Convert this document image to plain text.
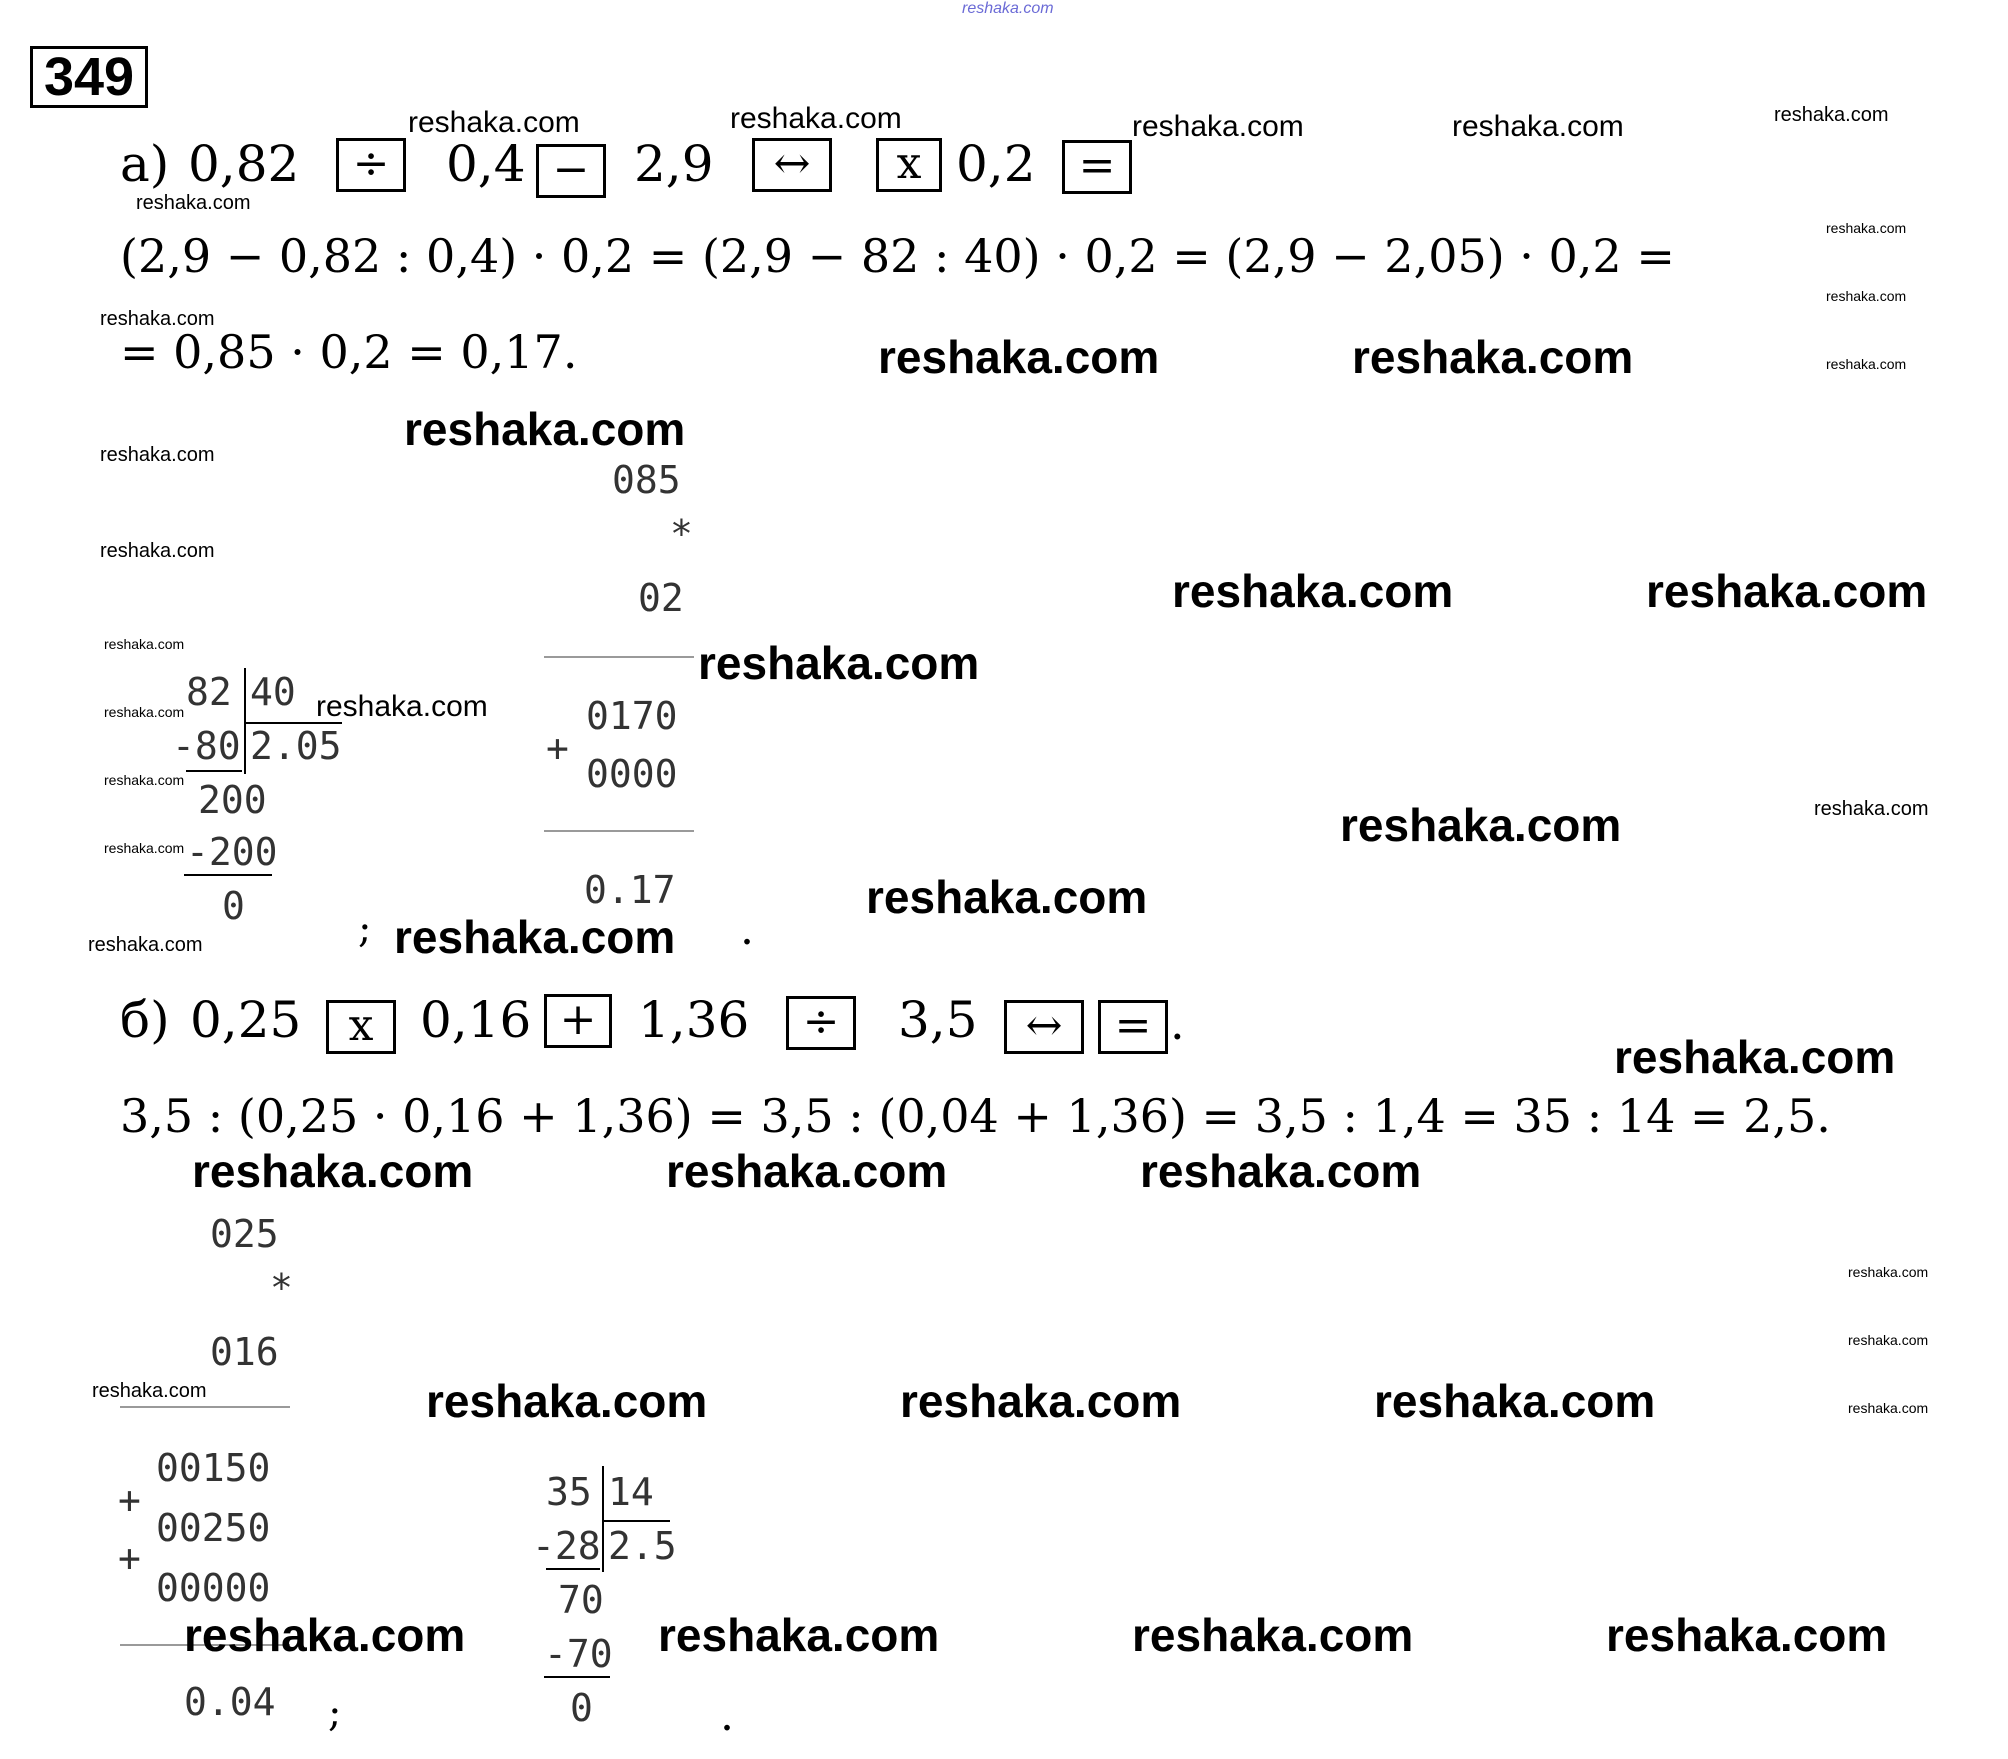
reshaka.com
349
а) 0,82	÷	0,4 − 2,9	↔	x 0,2 =
(2,9 − 0,82 : 0,4) · 0,2 = (2,9 − 82 : 40) · 0,2 = (2,9 − 2,05) · 0,2 =
= 0,85 · 0,2 = 0,17.
82 40
-80 2.05
200
-200
0
085
*
02
0170
+
0000
0.17
;	.
б) 0,25	x 0,16 + 1,36	÷	3,5	↔	= .
3,5 : (0,25 · 0,16 + 1,36) = 3,5 : (0,04 + 1,36) = 3,5 : 1,4 = 35 : 14 = 2,5.
025
*
016
00150
+
00250
+
00000
0.04 ;
35 14
-28 2.5
70
-70
0	.
reshaka.com	reshaka.com	reshaka.com	reshaka.com	reshaka.com
reshaka.com
reshaka.com
reshaka.com
reshaka.com
reshaka.com
reshaka.com	reshaka.com
reshaka.com
reshaka.com
reshaka.com
reshaka.com	reshaka.com
reshaka.com	reshaka.com
reshaka.com
reshaka.com
reshaka.com
reshaka.com	reshaka.com
reshaka.com
reshaka.com
reshaka.com
reshaka.com
reshaka.com
reshaka.com	reshaka.com	reshaka.com
reshaka.com
reshaka.com
reshaka.com	reshaka.com	reshaka.com	reshaka.com	reshaka.com
reshaka.com	reshaka.com	reshaka.com	reshaka.com
